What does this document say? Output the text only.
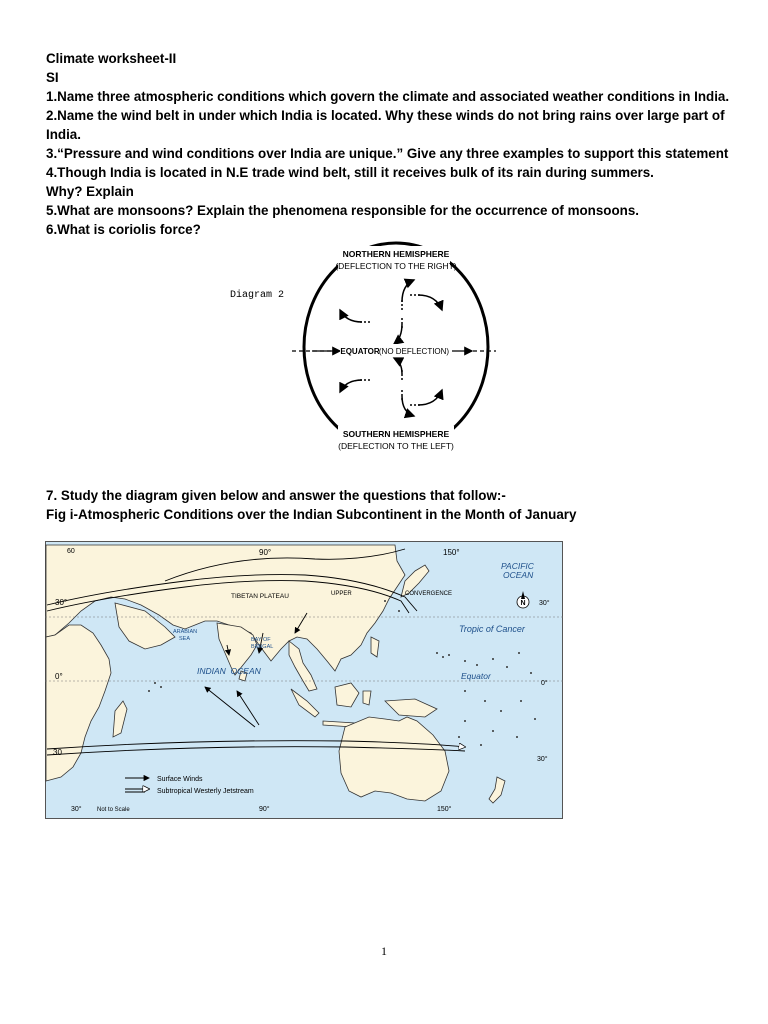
Climate worksheet-II
SI
1.Name three atmospheric conditions which govern the climate and associated weather conditions in India.
2.Name the wind belt in under which India is located. Why these winds do not bring rains over large part of India.
3.“Pressure and wind conditions over India are unique.” Give any three examples to support this statement
4.Though India is located in N.E trade wind belt, still it receives bulk of its rain during summers. Why? Explain
5.What are monsoons? Explain the phenomena responsible for the occurrence of monsoons.
6.What is coriolis force?
Diagram 2
NORTHERN HEMISPHERE
(DEFLECTION TO THE RIGHT)
EQUATOR (NO DEFLECTION)
SOUTHERN HEMISPHERE
(DEFLECTION TO THE LEFT)
7. Study the diagram given below and answer the questions that follow:-
Fig i-Atmospheric Conditions over the Indian Subcontinent in the Month of January
60	90°	150°
PACIFIC
OCEAN
30°
TIBETAN PLATEAU	UPPER	CONVERGENCE
N 30°
Tropic of Cancer
ARABIAN
SEA	BAY OF
BENGAL
INDIAN  OCEAN	Equator
0°
0°
30
30°
Surface Winds
Subtropical Westerly Jetstream
30°	Not to Scale	90°	150°
1
